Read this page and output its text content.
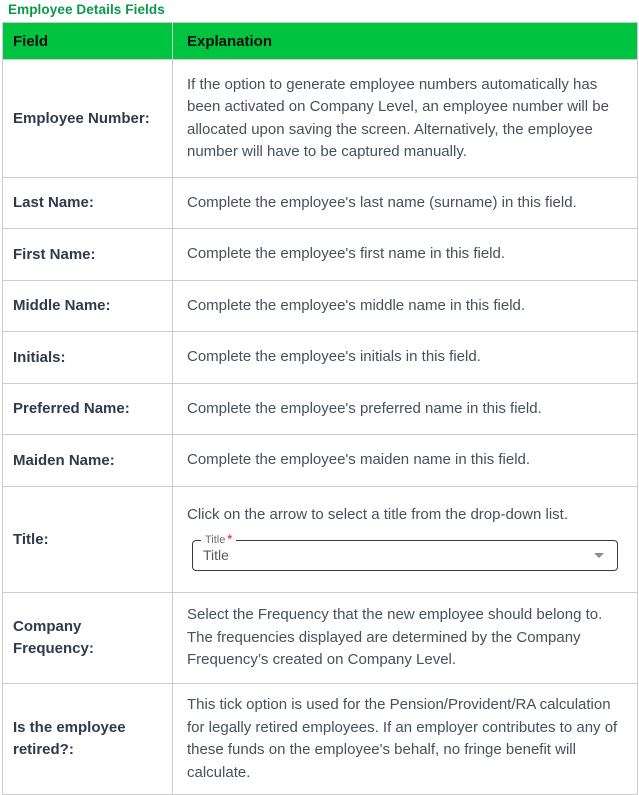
Employee Details Fields
Field	Explanation
Employee Number:	If the option to generate employee numbers automatically has been activated on Company Level, an employee number will be allocated upon saving the screen. Alternatively, the employee number will have to be captured manually.
Last Name:	Complete the employee's last name (surname) in this field.
First Name:	Complete the employee's first name in this field.
Middle Name:	Complete the employee's middle name in this field.
Initials:	Complete the employee's initials in this field.
Preferred Name:	Complete the employee's preferred name in this field.
Maiden Name:	Complete the employee's maiden name in this field.
Title:	Click on the arrow to select a title from the drop-down list.

Title *
Title

Company Frequency:	Select the Frequency that the new employee should belong to. The frequencies displayed are determined by the Company Frequency’s created on Company Level.
Is the employee retired?:	This tick option is used for the Pension/Provident/RA calculation for legally retired employees. If an employer contributes to any of these funds on the employee's behalf, no fringe benefit will calculate.
